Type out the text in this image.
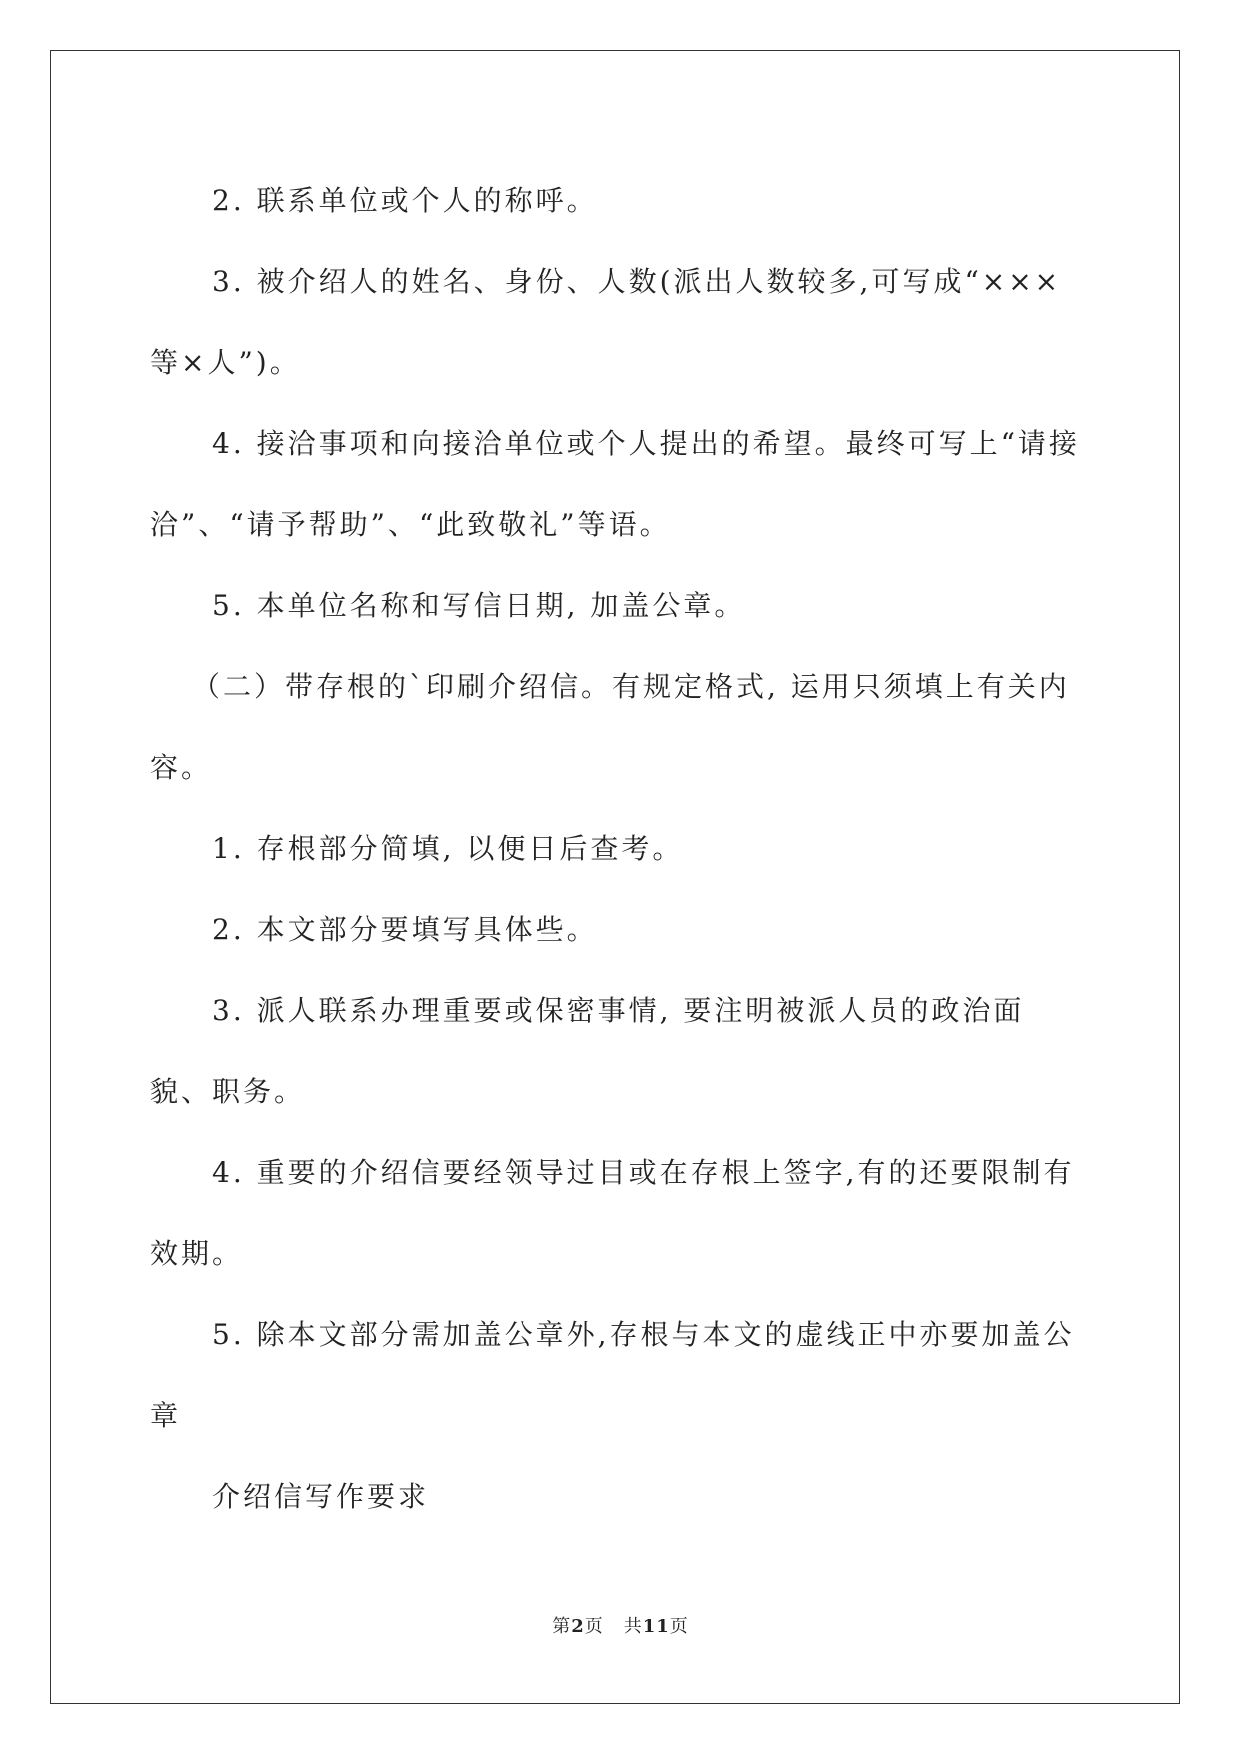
2. 联系单位或个人的称呼。

3. 被介绍人的姓名、身份、人数(派出人数较多,可写成“×××等×人”)。

4. 接洽事项和向接洽单位或个人提出的希望。最终可写上“请接洽”、“请予帮助”、“此致敬礼”等语。

5. 本单位名称和写信日期, 加盖公章。

（二）带存根的`印刷介绍信。有规定格式, 运用只须填上有关内容。

1. 存根部分简填, 以便日后查考。

2. 本文部分要填写具体些。

3. 派人联系办理重要或保密事情, 要注明被派人员的政治面貌、职务。

4. 重要的介绍信要经领导过目或在存根上签字,有的还要限制有效期。

5. 除本文部分需加盖公章外,存根与本文的虚线正中亦要加盖公章

介绍信写作要求

第2页 共11页
